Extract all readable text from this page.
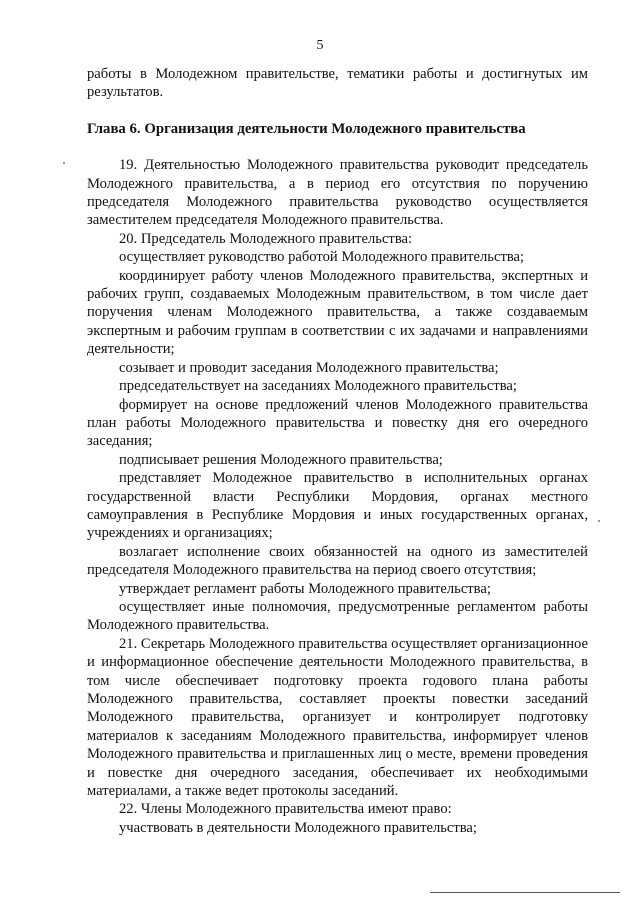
5

работы в Молодежном правительстве, тематики работы и достигнутых им результатов.

Глава 6. Организация деятельности Молодежного правительства

19. Деятельностью Молодежного правительства руководит председатель Молодежного правительства, а в период его отсутствия по поручению председателя Молодежного правительства руководство осуществляется заместителем председателя Молодежного правительства.

20. Председатель Молодежного правительства:

осуществляет руководство работой Молодежного правительства;

координирует работу членов Молодежного правительства, экспертных и рабочих групп, создаваемых Молодежным правительством, в том числе дает поручения членам Молодежного правительства, а также создаваемым экспертным и рабочим группам в соответствии с их задачами и направлениями деятельности;

созывает и проводит заседания Молодежного правительства;

председательствует на заседаниях Молодежного правительства;

формирует на основе предложений членов Молодежного правительства план работы Молодежного правительства и повестку дня его очередного заседания;

подписывает решения Молодежного правительства;

представляет Молодежное правительство в исполнительных органах государственной власти Республики Мордовия, органах местного самоуправления в Республике Мордовия и иных государственных органах, учреждениях и организациях;

возлагает исполнение своих обязанностей на одного из заместителей председателя Молодежного правительства на период своего отсутствия;

утверждает регламент работы Молодежного правительства;

осуществляет иные полномочия, предусмотренные регламентом работы Молодежного правительства.

21. Секретарь Молодежного правительства осуществляет организационное и информационное обеспечение деятельности Молодежного правительства, в том числе обеспечивает подготовку проекта годового плана работы Молодежного правительства, составляет проекты повестки заседаний Молодежного правительства, организует и контролирует подготовку материалов к заседаниям Молодежного правительства, информирует членов Молодежного правительства и приглашенных лиц о месте, времени проведения и повестке дня очередного заседания, обеспечивает их необходимыми материалами, а также ведет протоколы заседаний.

22. Члены Молодежного правительства имеют право:

участвовать в деятельности Молодежного правительства;
